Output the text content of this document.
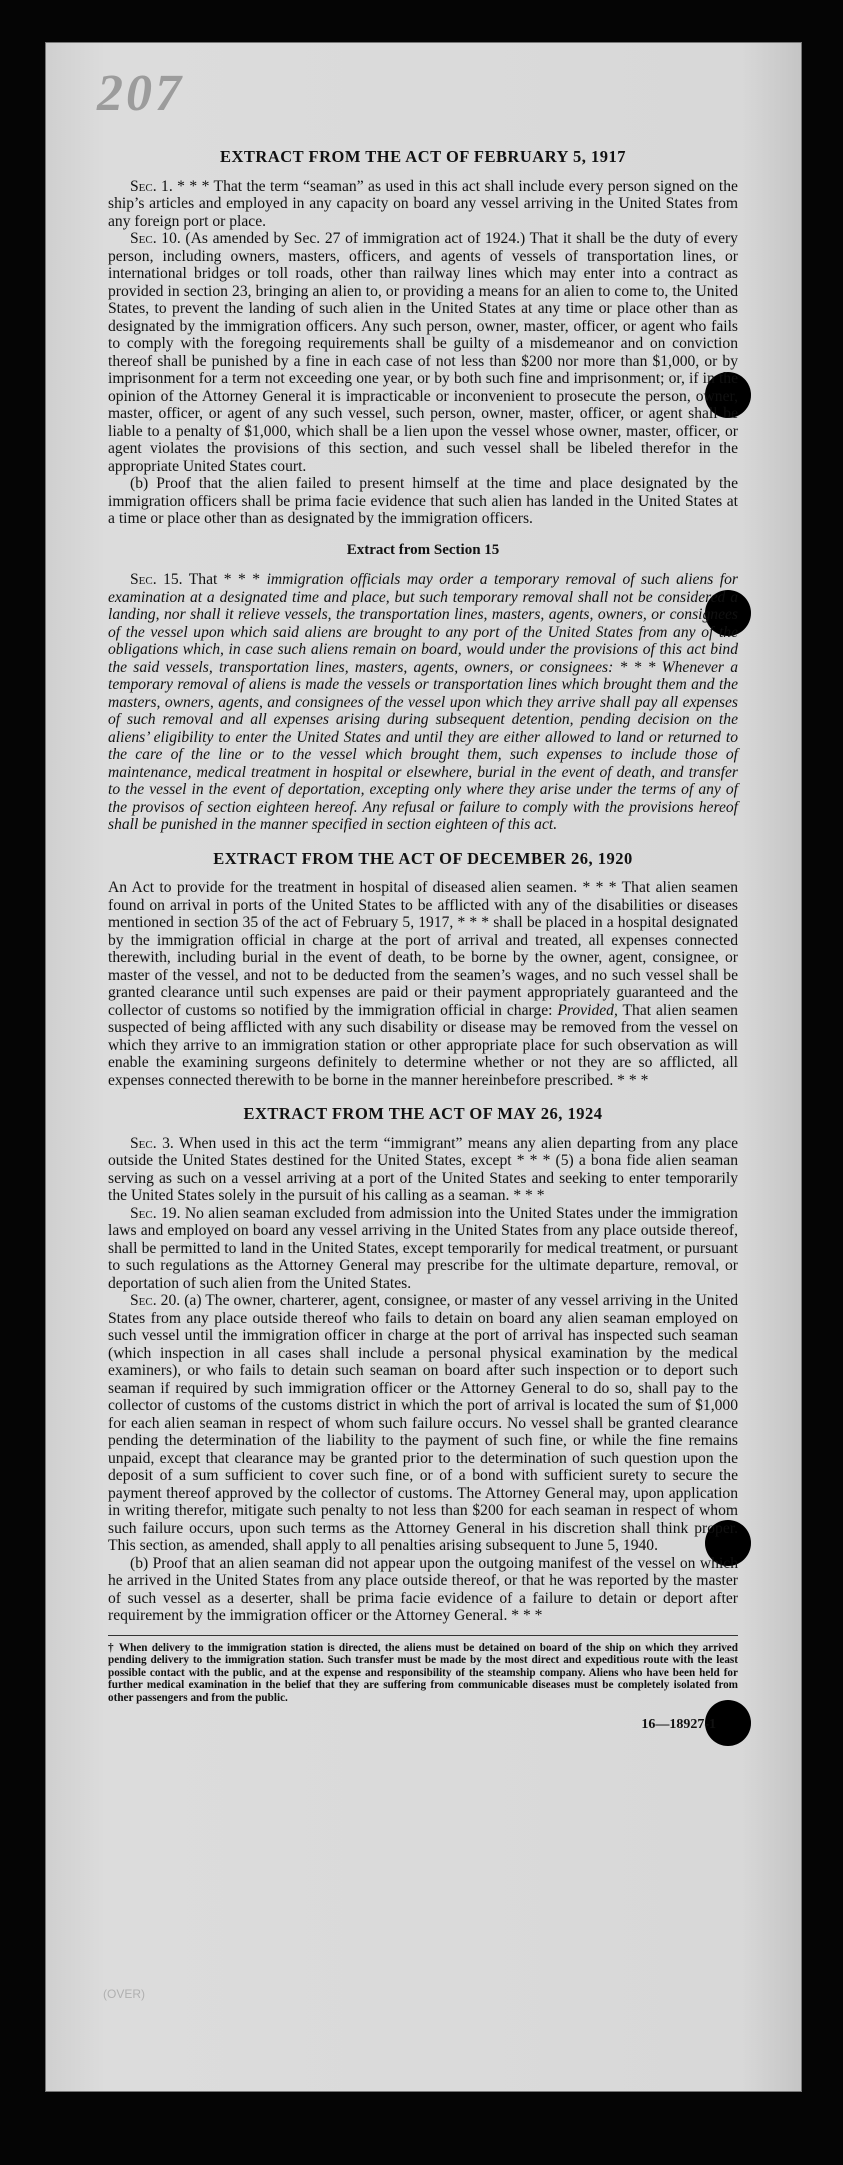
207
(OVER)
EXTRACT FROM THE ACT OF FEBRUARY 5, 1917

Sec. 1. * * * That the term “seaman” as used in this act shall include every person signed on the ship’s articles and employed in any capacity on board any vessel arriving in the United States from any foreign port or place.

Sec. 10. (As amended by Sec. 27 of immigration act of 1924.) That it shall be the duty of every person, including owners, masters, officers, and agents of vessels of transportation lines, or international bridges or toll roads, other than railway lines which may enter into a contract as provided in section 23, bringing an alien to, or providing a means for an alien to come to, the United States, to prevent the landing of such alien in the United States at any time or place other than as designated by the immigration officers. Any such person, owner, master, officer, or agent who fails to comply with the foregoing requirements shall be guilty of a misdemeanor and on conviction thereof shall be punished by a fine in each case of not less than $200 nor more than $1,000, or by imprisonment for a term not exceeding one year, or by both such fine and imprisonment; or, if in the opinion of the Attorney General it is impracticable or inconvenient to prosecute the person, owner, master, officer, or agent of any such vessel, such person, owner, master, officer, or agent shall be liable to a penalty of $1,000, which shall be a lien upon the vessel whose owner, master, officer, or agent violates the provisions of this section, and such vessel shall be libeled therefor in the appropriate United States court.

(b) Proof that the alien failed to present himself at the time and place designated by the immigration officers shall be prima facie evidence that such alien has landed in the United States at a time or place other than as designated by the immigration officers.

Extract from Section 15

Sec. 15. That * * * immigration officials may order a temporary removal of such aliens for examination at a designated time and place, but such temporary removal shall not be considered a landing, nor shall it relieve vessels, the transportation lines, masters, agents, owners, or consignees of the vessel upon which said aliens are brought to any port of the United States from any of the obligations which, in case such aliens remain on board, would under the provisions of this act bind the said vessels, transportation lines, masters, agents, owners, or consignees: * * * Whenever a temporary removal of aliens is made the vessels or transportation lines which brought them and the masters, owners, agents, and consignees of the vessel upon which they arrive shall pay all expenses of such removal and all expenses arising during subsequent detention, pending decision on the aliens’ eligibility to enter the United States and until they are either allowed to land or returned to the care of the line or to the vessel which brought them, such expenses to include those of maintenance, medical treatment in hospital or elsewhere, burial in the event of death, and transfer to the vessel in the event of deportation, excepting only where they arise under the terms of any of the provisos of section eighteen hereof. Any refusal or failure to comply with the provisions hereof shall be punished in the manner specified in section eighteen of this act.

EXTRACT FROM THE ACT OF DECEMBER 26, 1920

An Act to provide for the treatment in hospital of diseased alien seamen. * * * That alien seamen found on arrival in ports of the United States to be afflicted with any of the disabilities or diseases mentioned in section 35 of the act of February 5, 1917, * * * shall be placed in a hospital designated by the immigration official in charge at the port of arrival and treated, all expenses connected therewith, including burial in the event of death, to be borne by the owner, agent, consignee, or master of the vessel, and not to be deducted from the seamen’s wages, and no such vessel shall be granted clearance until such expenses are paid or their payment appropriately guaranteed and the collector of customs so notified by the immigration official in charge: Provided, That alien seamen suspected of being afflicted with any such disability or disease may be removed from the vessel on which they arrive to an immigration station or other appropriate place for such observation as will enable the examining surgeons definitely to determine whether or not they are so afflicted, all expenses connected therewith to be borne in the manner hereinbefore prescribed. * * *

EXTRACT FROM THE ACT OF MAY 26, 1924

Sec. 3. When used in this act the term “immigrant” means any alien departing from any place outside the United States destined for the United States, except * * * (5) a bona fide alien seaman serving as such on a vessel arriving at a port of the United States and seeking to enter temporarily the United States solely in the pursuit of his calling as a seaman. * * *

Sec. 19. No alien seaman excluded from admission into the United States under the immigration laws and employed on board any vessel arriving in the United States from any place outside thereof, shall be permitted to land in the United States, except temporarily for medical treatment, or pursuant to such regulations as the Attorney General may prescribe for the ultimate departure, removal, or deportation of such alien from the United States.

Sec. 20. (a) The owner, charterer, agent, consignee, or master of any vessel arriving in the United States from any place outside thereof who fails to detain on board any alien seaman employed on such vessel until the immigration officer in charge at the port of arrival has inspected such seaman (which inspection in all cases shall include a personal physical examination by the medical examiners), or who fails to detain such seaman on board after such inspection or to deport such seaman if required by such immigration officer or the Attorney General to do so, shall pay to the collector of customs of the customs district in which the port of arrival is located the sum of $1,000 for each alien seaman in respect of whom such failure occurs. No vessel shall be granted clearance pending the determination of the liability to the payment of such fine, or while the fine remains unpaid, except that clearance may be granted prior to the determination of such question upon the deposit of a sum sufficient to cover such fine, or of a bond with sufficient surety to secure the payment thereof approved by the collector of customs. The Attorney General may, upon application in writing therefor, mitigate such penalty to not less than $200 for each seaman in respect of whom such failure occurs, upon such terms as the Attorney General in his discretion shall think proper. This section, as amended, shall apply to all penalties arising subsequent to June 5, 1940.

(b) Proof that an alien seaman did not appear upon the outgoing manifest of the vessel on which he arrived in the United States from any place outside thereof, or that he was reported by the master of such vessel as a deserter, shall be prima facie evidence of a failure to detain or deport after requirement by the immigration officer or the Attorney General. * * *

† When delivery to the immigration station is directed, the aliens must be detained on board of the ship on which they arrived pending delivery to the immigration station. Such transfer must be made by the most direct and expeditious route with the least possible contact with the public, and at the expense and responsibility of the steamship company. Aliens who have been held for further medical examination in the belief that they are suffering from communicable diseases must be completely isolated from other passengers and from the public.
16—18927-1
